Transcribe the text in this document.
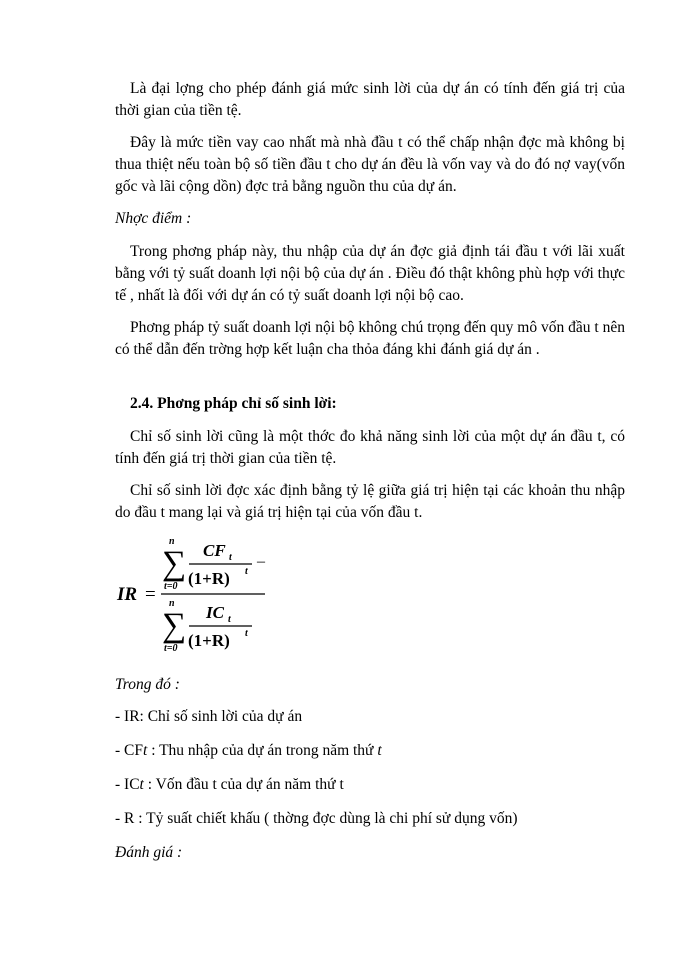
Là đại lợng cho phép đánh giá mức sinh lời của dự án có tính đến giá trị của thời gian của tiền tệ.

Đây là mức tiền vay cao nhất mà nhà đầu t có thể chấp nhận đợc mà không bị thua thiệt nếu toàn bộ số tiền đầu t cho dự án đều là vốn vay và do đó nợ vay(vốn gốc và lãi cộng dồn) đợc trả bằng nguồn thu của dự án.

Nhợc điểm :

Trong phơng pháp này, thu nhập của dự án đợc giả định tái đầu t với lãi xuất bằng với tỷ suất doanh lợi nội bộ của dự án . Điều đó thật không phù hợp với thực tế , nhất là đối với dự án có tỷ suất doanh lợi nội bộ cao.

Phơng pháp tỷ suất doanh lợi nội bộ không chú trọng đến quy mô vốn đầu t nên có thể dẫn đến trờng hợp kết luận cha thỏa đáng khi đánh giá dự án .

2.4. Phơng pháp chỉ số sinh lời:

Chỉ số sinh lời cũng là một thớc đo khả năng sinh lời của một dự án đầu t, có tính đến giá trị thời gian của tiền tệ.

Chỉ số sinh lời đợc xác định bằng tỷ lệ giữa giá trị hiện tại các khoản thu nhập do đầu t mang lại và giá trị hiện tại của vốn đầu t.

IR =
n
∑
t=0
CF t
(1+R) t
–
n
∑
t=0
IC t
(1+R) t

Trong đó :

- IR: Chỉ số sinh lời của dự án

- CFt : Thu nhập của dự án trong năm thứ t

- ICt : Vốn đầu t của dự án năm thứ t

- R : Tỷ suất chiết khấu ( thờng đợc dùng là chi phí sử dụng vốn)

Đánh giá :
